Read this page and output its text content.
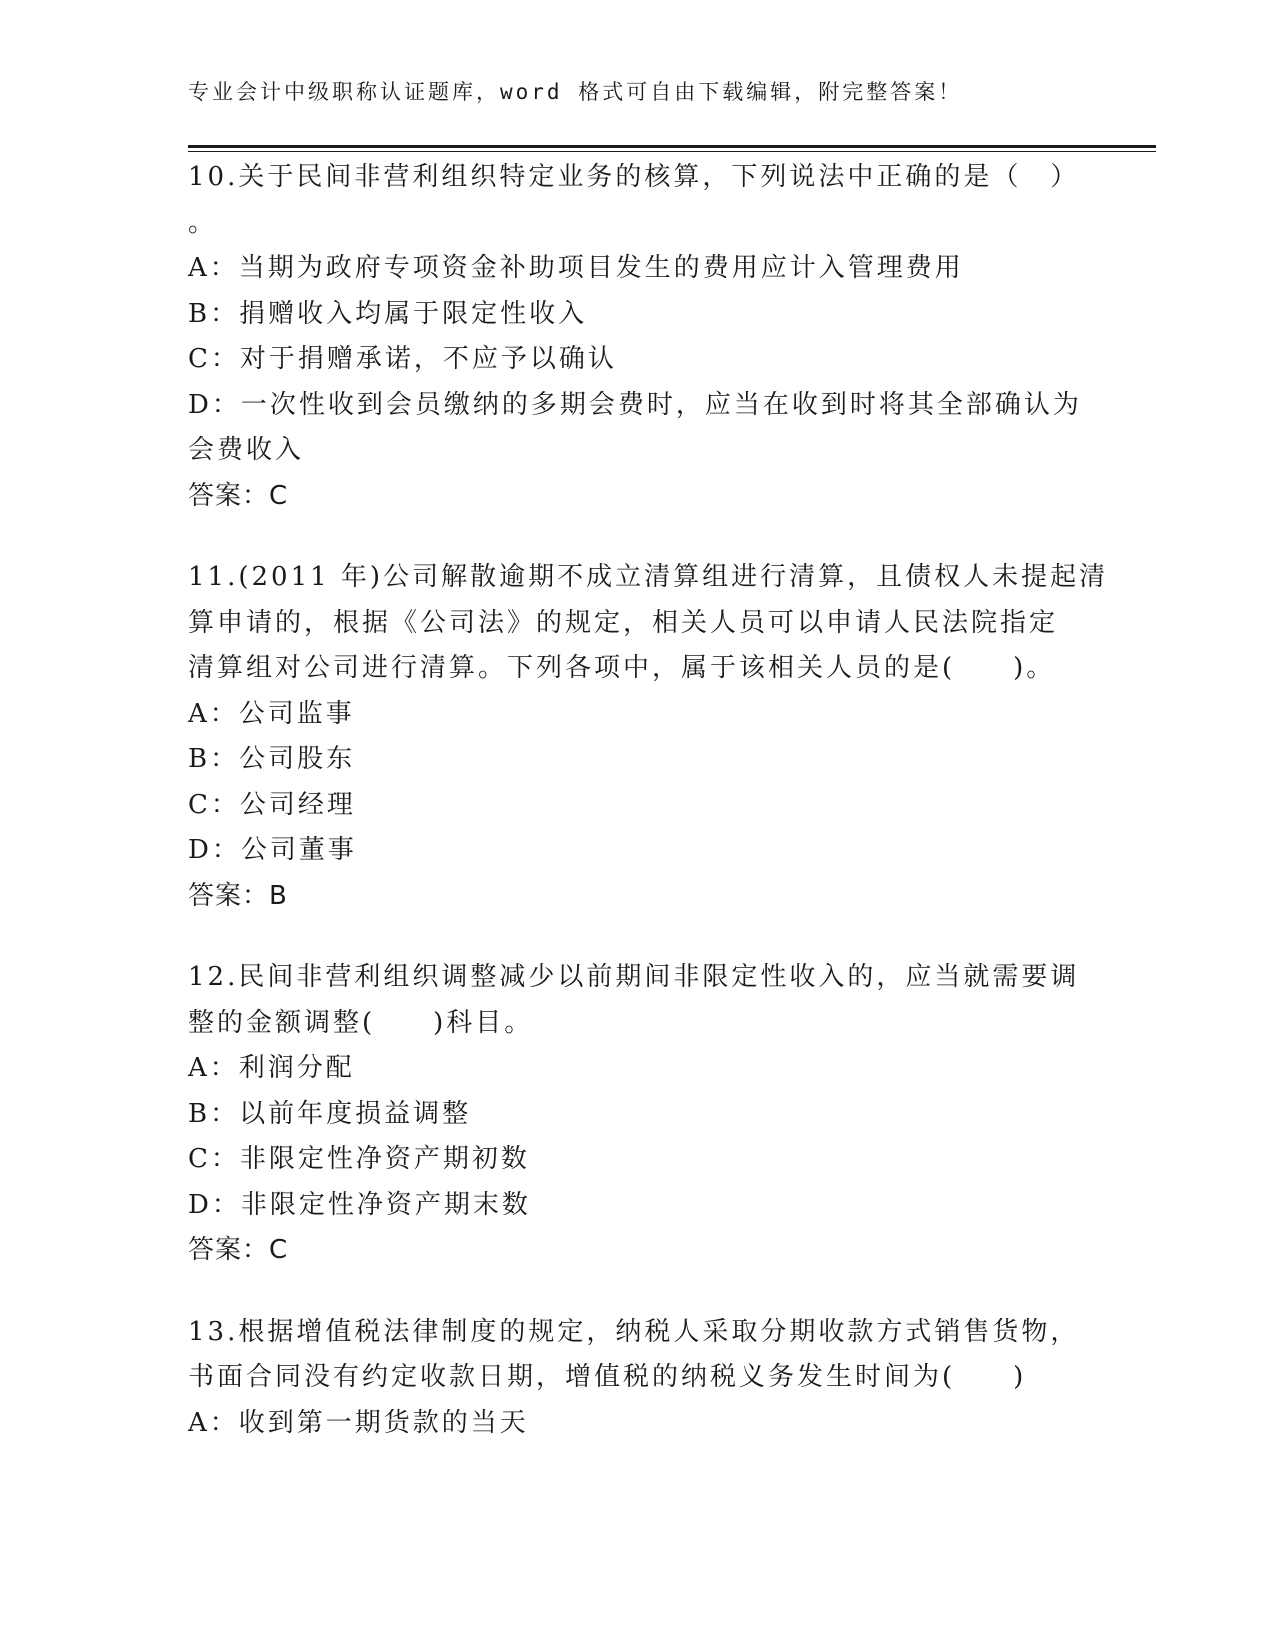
专业会计中级职称认证题库，word 格式可自由下载编辑，附完整答案！
10.关于民间非营利组织特定业务的核算，下列说法中正确的是（　）
。
A：当期为政府专项资金补助项目发生的费用应计入管理费用
B：捐赠收入均属于限定性收入
C：对于捐赠承诺，不应予以确认
D：一次性收到会员缴纳的多期会费时，应当在收到时将其全部确认为
会费收入
答案：C
11.(2011 年)公司解散逾期不成立清算组进行清算，且债权人未提起清
算申请的，根据《公司法》的规定，相关人员可以申请人民法院指定
清算组对公司进行清算。下列各项中，属于该相关人员的是(　　)。
A：公司监事
B：公司股东
C：公司经理
D：公司董事
答案：B
12.民间非营利组织调整减少以前期间非限定性收入的，应当就需要调
整的金额调整(　　)科目。
A：利润分配
B：以前年度损益调整
C：非限定性净资产期初数
D：非限定性净资产期末数
答案：C
13.根据增值税法律制度的规定，纳税人采取分期收款方式销售货物，
书面合同没有约定收款日期，增值税的纳税义务发生时间为(　　)
A：收到第一期货款的当天
